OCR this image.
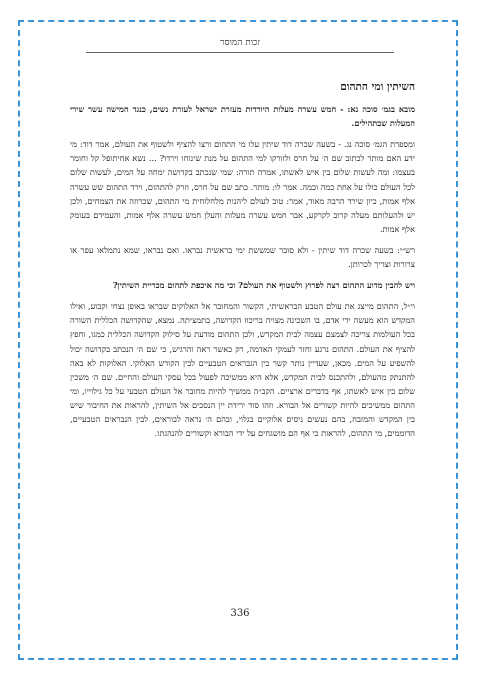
זכות המוסר
השיתין ומי התהום

מובא בגמ׳ סוכה נא: - חמש עשרה מעלות היורדות מעזרת ישראל לעזרת נשים, כנגד חמישה עשר שירי המעלות שבתהילים.

ומספרת הגמ׳ סוכה נג. - בשעה שכרה דוד שיתין עלו מי התהום ורצו להציף ולשטוף את העולם, אמר דוד: מי ידע האם מותר לכתוב שם ה׳ על חרס ולזורקו למי התהום על מנת שינוחו וירדו? ... נשא אחיתופל קל וחומר בעצמו: ומה לעשות שלום בין איש לאשתו, אמרה תורה: שמי שנכתב בקדושה ימחה על המים, לעשות שלום לכל העולם כולו על אחת כמה וכמה. אמר לו: מותר. כתב שם על חרס, וזרק להתהום, וירד התהום שש עשרה אלף אמות, כיון שירד הרבה מאוד, אמר: טוב לעולם ליהנות מלחלוחית מי התהום, שכרוזה את הצמחים, ולכן יש ולהעלותם מעלה קרוב לקרקע, אבר חמש עשרה מעלות והעלן חמש עשרה אלף אמות, והעמידם בעומק אלף אמות.

רש״י: בשעה שכרה דוד שיתין - ולא סובר שמששת ימי בראשית נבראו. ואם נבראו, שמא נתמלאו עפר או צרורות וצריך לכרותן.

ויש להבין מדוע התהום רצה לפרוץ ולשטוף את העולם? וכי מה איכפת לתהום מכריית השיתין?

וי״ל, התהום מייצג את עולם הטבע הבראשיתי, הקשור והמחובר אל האלוקים שבראו באופן נצחי וקבוע, ואילו המקדש הוא מעשה ידי אדם, בו השכינה מצויה בריכוז הקדושה, בתמציתה. נמצא, שהקדושה הכללית השורה בכל העולמות צריכה לצמצם עצמה לבית המקדש, ולכן התהום מודעת על סילוק הקדושה הכללית כמגו, וחפץ להציף את העולם. התהום נרגע וחזר לעמקי האדמה, רק כאשר ראה והרגיש, כי שם ה׳ הנכתב בקדושה יכול להשפיע על המים. מכאן, שעדיין נותר קשר בין הגבראים הטבעיים לבין הקודש האלוקי. האלוקות לא באה להתנתק מהעולם, ולהתכנס לבית המקדש, אלא היא ממשיכה לפעול בכל עסקי העולם והחיים. שם ה׳ משכין שלום בין איש לאשתו, אף בדברים ארציים. הקב״ה ממשיך להיות מחובר אל העולם הטבעי על כל גילוייו, ומי התהום ממשיכים להיות קשורים אל הבורא. וזהו סוד ירידת יין הנסכים אל השיתין, להראות את החיבור שיש בין המקדש והמזבח, בהם נעשים ניסים אלוקיים בגלוי, ובהם ה׳ נראה לבוראים, לבין הנבראים הטבעיים, הדוממים, מי התהום, להראות כי אף הם מושגחים על ידי הבורא וקשורים להנהגתו.

336
